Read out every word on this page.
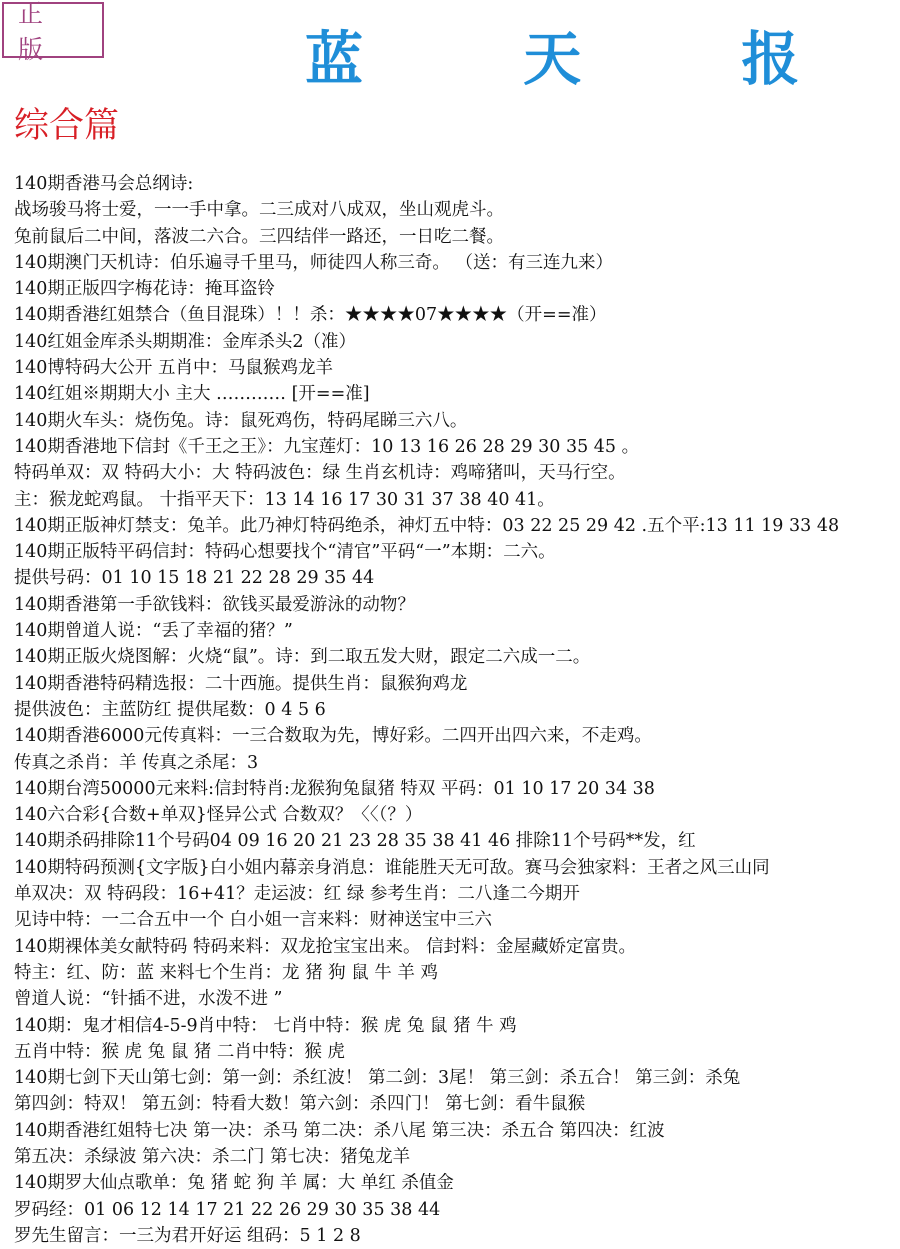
正 版	蓝 天 报
综合篇
140期香港马会总纲诗:
战场骏马将士爱，一一手中拿。二三成对八成双，坐山观虎斗。
兔前鼠后二中间，落波二六合。三四结伴一路还，一日吃二餐。
140期澳门天机诗：伯乐遍寻千里马，师徒四人称三奇。 （送：有三连九来）
140期正版四字梅花诗：掩耳盗铃
140期香港红姐禁合（鱼目混珠）！！杀：★★★★07★★★★（开==准）
140红姐金库杀头期期准：金库杀头2（准）
140博特码大公开 五肖中：马鼠猴鸡龙羊
140红姐※期期大小 主大 ………… [开==准]
140期火车头：烧伤兔。诗：鼠死鸡伤，特码尾睇三六八。
140期香港地下信封《千王之王》：九宝莲灯：10 13 16 26 28 29 30 35 45 。
特码单双：双 特码大小：大 特码波色：绿 生肖玄机诗：鸡啼猪叫，天马行空。
主：猴龙蛇鸡鼠。 十指平天下：13 14 16 17 30 31 37 38 40 41。
140期正版神灯禁支：兔羊。此乃神灯特码绝杀，神灯五中特：03 22 25 29 42 .五个平:13 11 19 33 48
140期正版特平码信封：特码心想要找个“清官”平码“一”本期：二六。
提供号码：01 10 15 18 21 22 28 29 35 44
140期香港第一手欲钱料：欲钱买最爱游泳的动物？
140期曾道人说：“丢了幸福的猪？”
140期正版火烧图解：火烧“鼠”。诗：到二取五发大财，跟定二六成一二。
140期香港特码精选报：二十西施。提供生肖：鼠猴狗鸡龙
提供波色：主蓝防红 提供尾数：0 4 5 6
140期香港6000元传真料：一三合数取为先，博好彩。二四开出四六来，不走鸡。
传真之杀肖：羊 传真之杀尾：3
140期台湾50000元来料:信封特肖:龙猴狗兔鼠猪 特双 平码：01 10 17 20 34 38
140六合彩{合数+单双}怪异公式 合数双？〈〈（？）
140期杀码排除11个号码04 09 16 20 21 23 28 35 38 41 46 排除11个号码**发，红
140期特码预测{文字版}白小姐内幕亲身消息：谁能胜天无可敌。赛马会独家料：王者之风三山同
单双决：双 特码段：16+41？走运波：红 绿 参考生肖：二八逢二今期开
见诗中特：一二合五中一个 白小姐一言来料：财神送宝中三六
140期裸体美女献特码 特码来料：双龙抢宝宝出来。 信封料：金屋藏娇定富贵。
特主：红、防：蓝 来料七个生肖：龙 猪 狗 鼠 牛 羊 鸡
曾道人说：“针插不进，水泼不进 ”
140期：鬼才相信4-5-9肖中特： 七肖中特：猴 虎 兔 鼠 猪 牛 鸡
五肖中特：猴 虎 兔 鼠 猪 二肖中特：猴 虎
140期七剑下天山第七剑：第一剑：杀红波！ 第二剑：3尾！ 第三剑：杀五合！ 第三剑：杀兔
第四剑：特双！ 第五剑：特看大数！第六剑：杀四门！ 第七剑：看牛鼠猴
140期香港红姐特七决 第一决：杀马 第二决：杀八尾 第三决：杀五合 第四决：红波
第五决：杀绿波 第六决：杀二门 第七决：猪兔龙羊
140期罗大仙点歌单：兔 猪 蛇 狗 羊 属：大 单红 杀值金
罗码经：01 06 12 14 17 21 22 26 29 30 35 38 44
罗先生留言：一三为君开好运 组码：5 1 2 8
